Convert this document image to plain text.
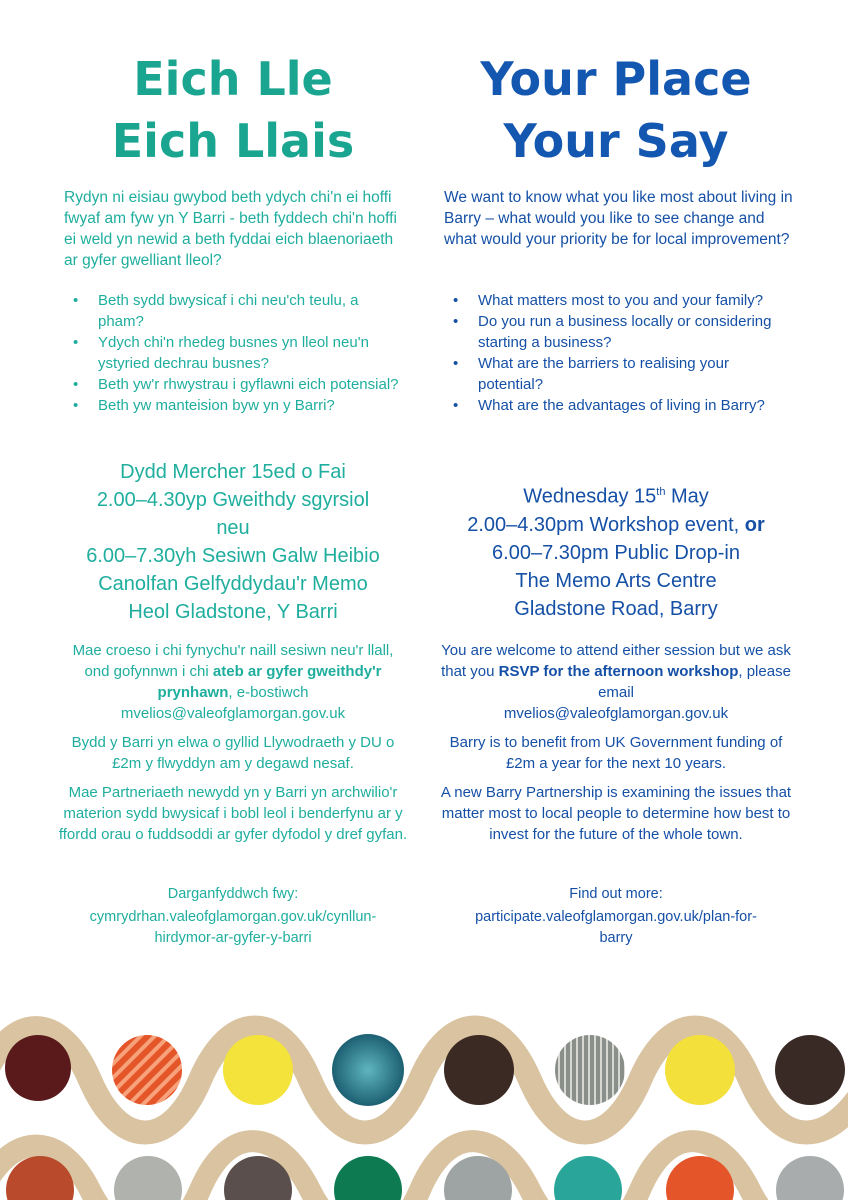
Eich Lle
Eich Llais

Rydyn ni eisiau gwybod beth ydych chi'n ei hoffi fwyaf am fyw yn Y Barri - beth fyddech chi'n hoffi ei weld yn newid a beth fyddai eich blaenoriaeth ar gyfer gwelliant lleol?

• Beth sydd bwysicaf i chi neu'ch teulu, a pham?
• Ydych chi'n rhedeg busnes yn lleol neu'n ystyried dechrau busnes?
• Beth yw'r rhwystrau i gyflawni eich potensial?
• Beth yw manteision byw yn y Barri?
Dydd Mercher 15ed o Fai
2.00–4.30yp Gweithdy sgyrsiol
neu
6.00–7.30yh Sesiwn Galw Heibio
Canolfan Gelfyddydau'r Memo
Heol Gladstone, Y Barri

Mae croeso i chi fynychu'r naill sesiwn neu'r llall, ond gofynnwn i chi ateb ar gyfer gweithdy'r prynhawn, e-bostiwch
mvelios@valeofglamorgan.gov.uk

Bydd y Barri yn elwa o gyllid Llywodraeth y DU o £2m y flwyddyn am y degawd nesaf.

Mae Partneriaeth newydd yn y Barri yn archwilio'r materion sydd bwysicaf i bobl leol i benderfynu ar y ffordd orau o fuddsoddi ar gyfer dyfodol y dref gyfan.

Darganfyddwch fwy:
cymrydrhan.valeofglamorgan.gov.uk/cynllun-
hirdymor-ar-gyfer-y-barri
Your Place
Your Say

We want to know what you like most about living in Barry – what would you like to see change and what would your priority be for local improvement?

• What matters most to you and your family?
• Do you run a business locally or considering starting a business?
• What are the barriers to realising your potential?
• What are the advantages of living in Barry?
Wednesday 15th May
2.00–4.30pm Workshop event, or
6.00–7.30pm Public Drop-in
The Memo Arts Centre
Gladstone Road, Barry

You are welcome to attend either session but we ask that you RSVP for the afternoon workshop, please email
mvelios@valeofglamorgan.gov.uk

Barry is to benefit from UK Government funding of £2m a year for the next 10 years.

A new Barry Partnership is examining the issues that matter most to local people to determine how best to invest for the future of the whole town.

Find out more:
participate.valeofglamorgan.gov.uk/plan-for-
barry
